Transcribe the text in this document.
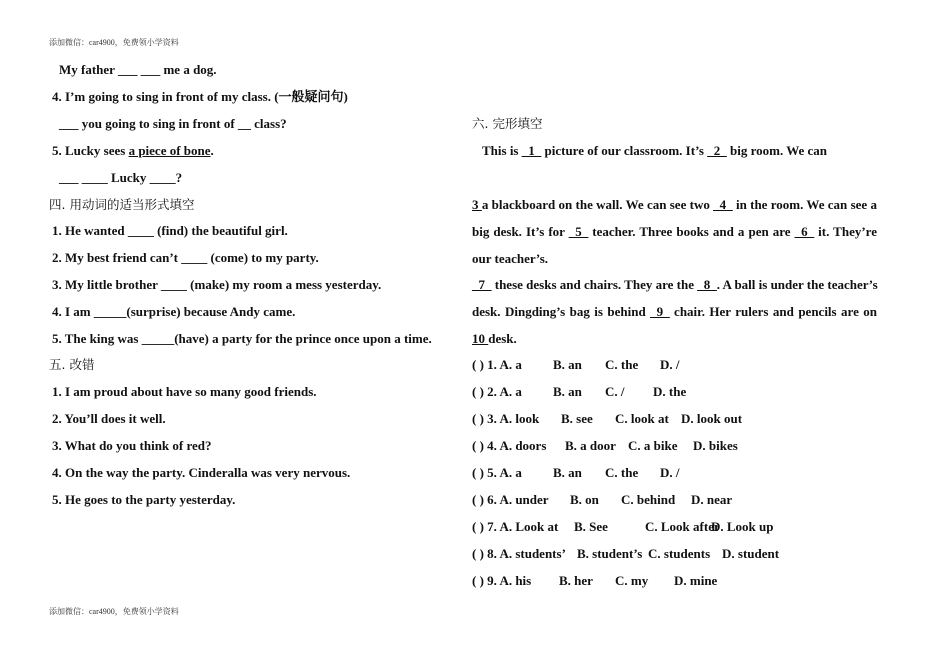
添加微信：car4900，免费领小学资料
My father ___ ___ me a dog.
4. I’m going to sing in front of my class. (一般疑问句)
___ you going to sing in front of __ class?
5. Lucky sees a piece of bone.
___ ____ Lucky ____?
四. 用动词的适当形式填空
1. He wanted ____ (find) the beautiful girl.
2. My best friend can’t ____ (come) to my party.
3. My little brother ____ (make) my room a mess yesterday.
4. I am _____(surprise) because Andy came.
5. The king was _____(have) a party for the prince once upon a time.
五. 改错
1. I am proud about have so many good friends.
2. You’ll does it well.
3. What do you think of red?
4. On the way the party. Cinderalla was very nervous.
5. He goes to the party yesterday.
六. 完形填空
This is _1_ picture of our classroom. It’s _2_ big room. We can
3 a blackboard on the wall. We can see two _4_ in the room. We can see a
big desk. It’s for _5_ teacher. Three books and a pen are _6_ it. They’re
our teacher’s.
_7_ these desks and chairs. They are the _8_. A ball is under the teacher’s
desk. Dingding’s bag is behind _9_ chair. Her rulers and pencils are on
10 desk.
( ) 1. A. a B. an C. the D. /
( ) 2. A. a B. an C. / D. the
( ) 3. A. look B. see C. look at D. look out
( ) 4. A. doors B. a door C. a bike D. bikes
( ) 5. A. a B. an C. the D. /
( ) 6. A. under B. on C. behind D. near
( ) 7. A. Look at B. See	C. Look after
D. Look up
( ) 8. A. students’ B. student’s C. students D. student
( ) 9. A. his B. her C. my D. mine
添加微信：car4900，免费领小学资料
